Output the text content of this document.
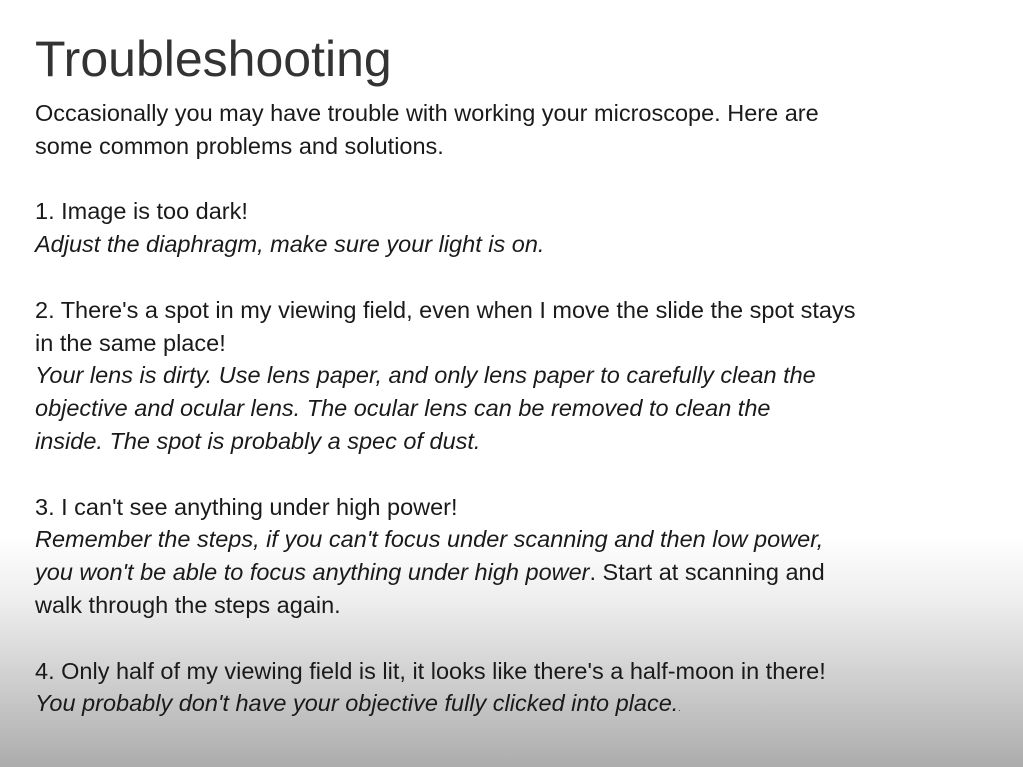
Troubleshooting
Occasionally you may have trouble with working your microscope. Here are
some common problems and solutions.
1. Image is too dark!
Adjust the diaphragm, make sure your light is on.
2. There's a spot in my viewing field, even when I move the slide the spot stays
in the same place!
Your lens is dirty. Use lens paper, and only lens paper to carefully clean the
objective and ocular lens. The ocular lens can be removed to clean the
inside. The spot is probably a spec of dust.
3. I can't see anything under high power!
Remember the steps, if you can't focus under scanning and then low power,
you won't be able to focus anything under high power. Start at scanning and
walk through the steps again.
4. Only half of my viewing field is lit, it looks like there's a half-moon in there!
You probably don't have your objective fully clicked into place..
